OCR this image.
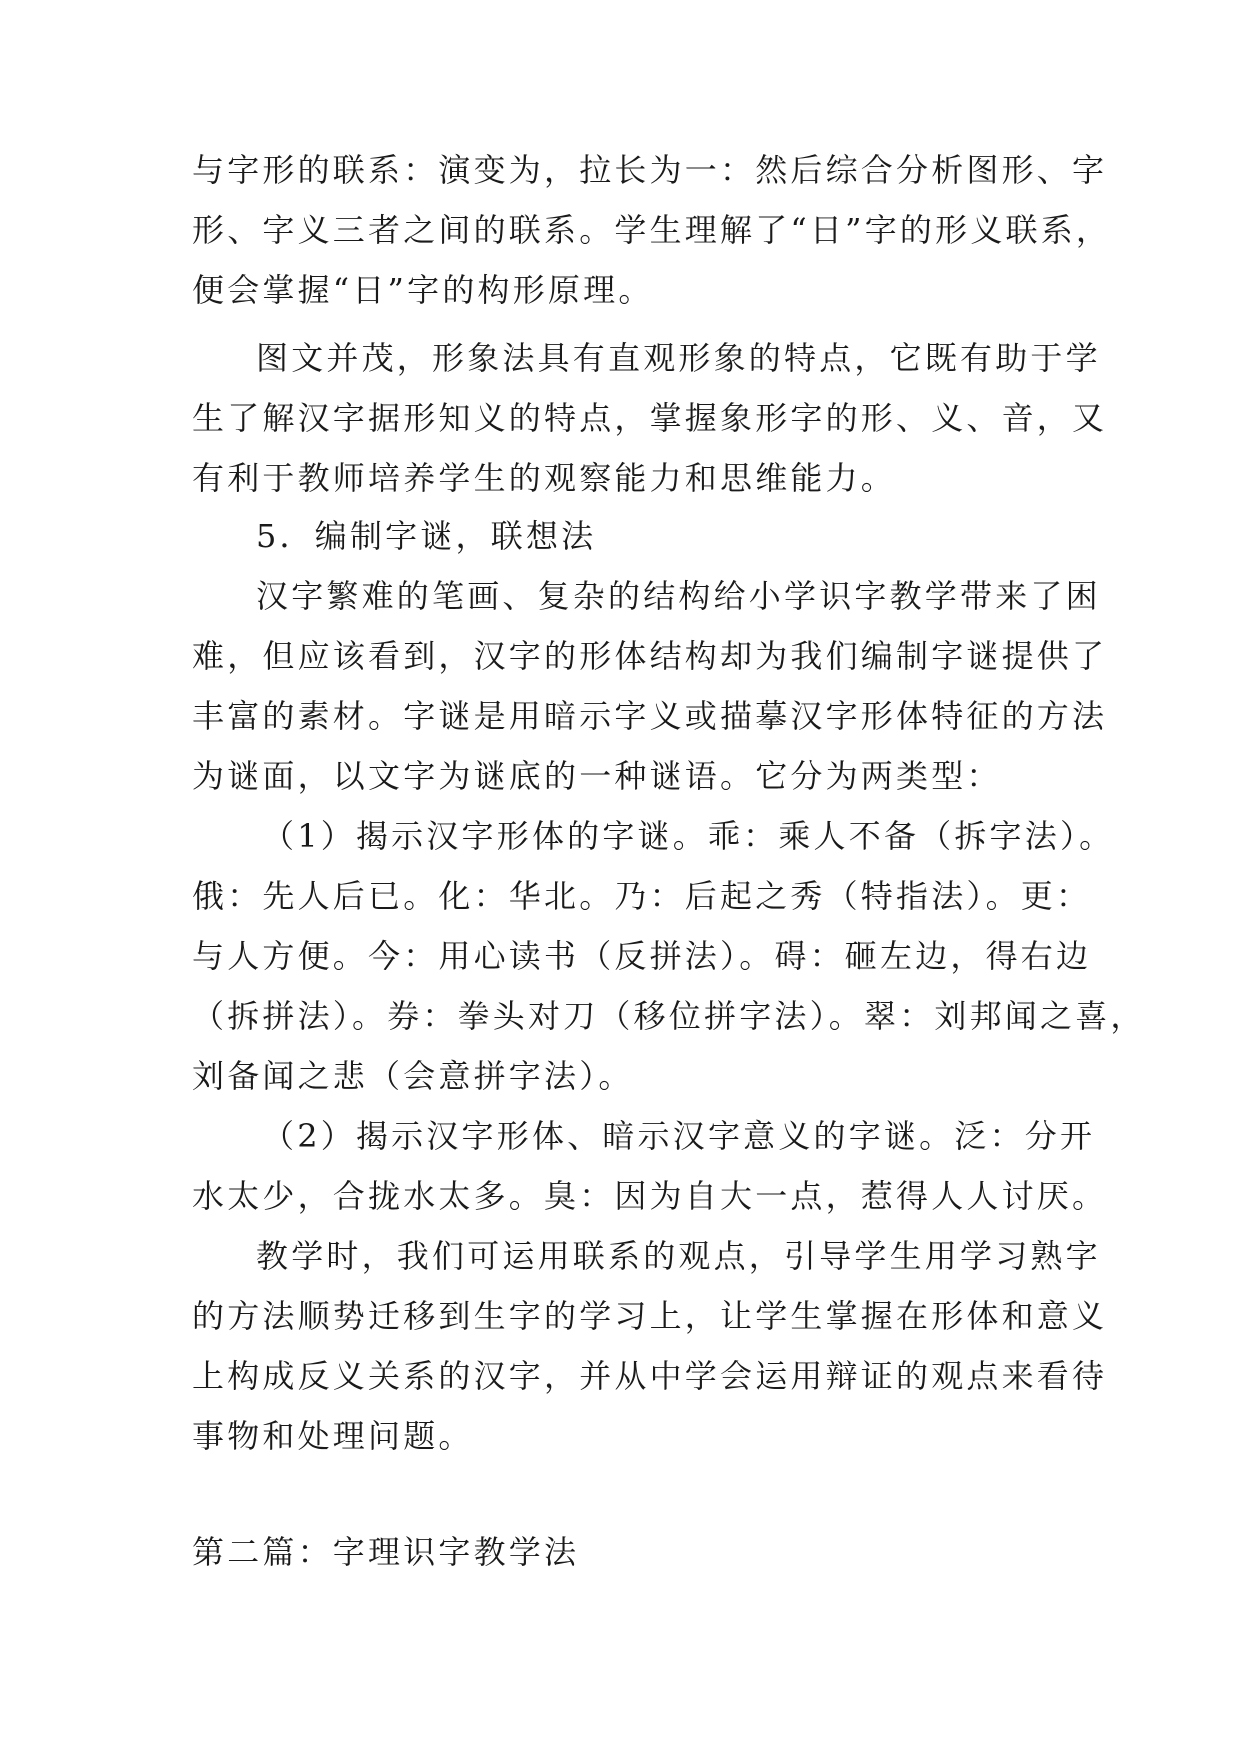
与字形的联系：演变为，拉长为一：然后综合分析图形、字
形、字义三者之间的联系。学生理解了“日”字的形义联系，
便会掌握“日”字的构形原理。
图文并茂，形象法具有直观形象的特点，它既有助于学
生了解汉字据形知义的特点，掌握象形字的形、义、音，又
有利于教师培养学生的观察能力和思维能力。
5．编制字谜，联想法
汉字繁难的笔画、复杂的结构给小学识字教学带来了困
难，但应该看到，汉字的形体结构却为我们编制字谜提供了
丰富的素材。字谜是用暗示字义或描摹汉字形体特征的方法
为谜面，以文字为谜底的一种谜语。它分为两类型：
（1）揭示汉字形体的字谜。乖：乘人不备（拆字法）。
俄：先人后已。化：华北。乃：后起之秀（特指法）。更：
与人方便。今：用心读书（反拼法）。碍：砸左边，得右边
（拆拼法）。券：拳头对刀（移位拼字法）。翠：刘邦闻之喜，
刘备闻之悲（会意拼字法）。
（2）揭示汉字形体、暗示汉字意义的字谜。泛：分开
水太少，合拢水太多。臭：因为自大一点，惹得人人讨厌。
教学时，我们可运用联系的观点，引导学生用学习熟字
的方法顺势迁移到生字的学习上，让学生掌握在形体和意义
上构成反义关系的汉字，并从中学会运用辩证的观点来看待
事物和处理问题。
第二篇：字理识字教学法
